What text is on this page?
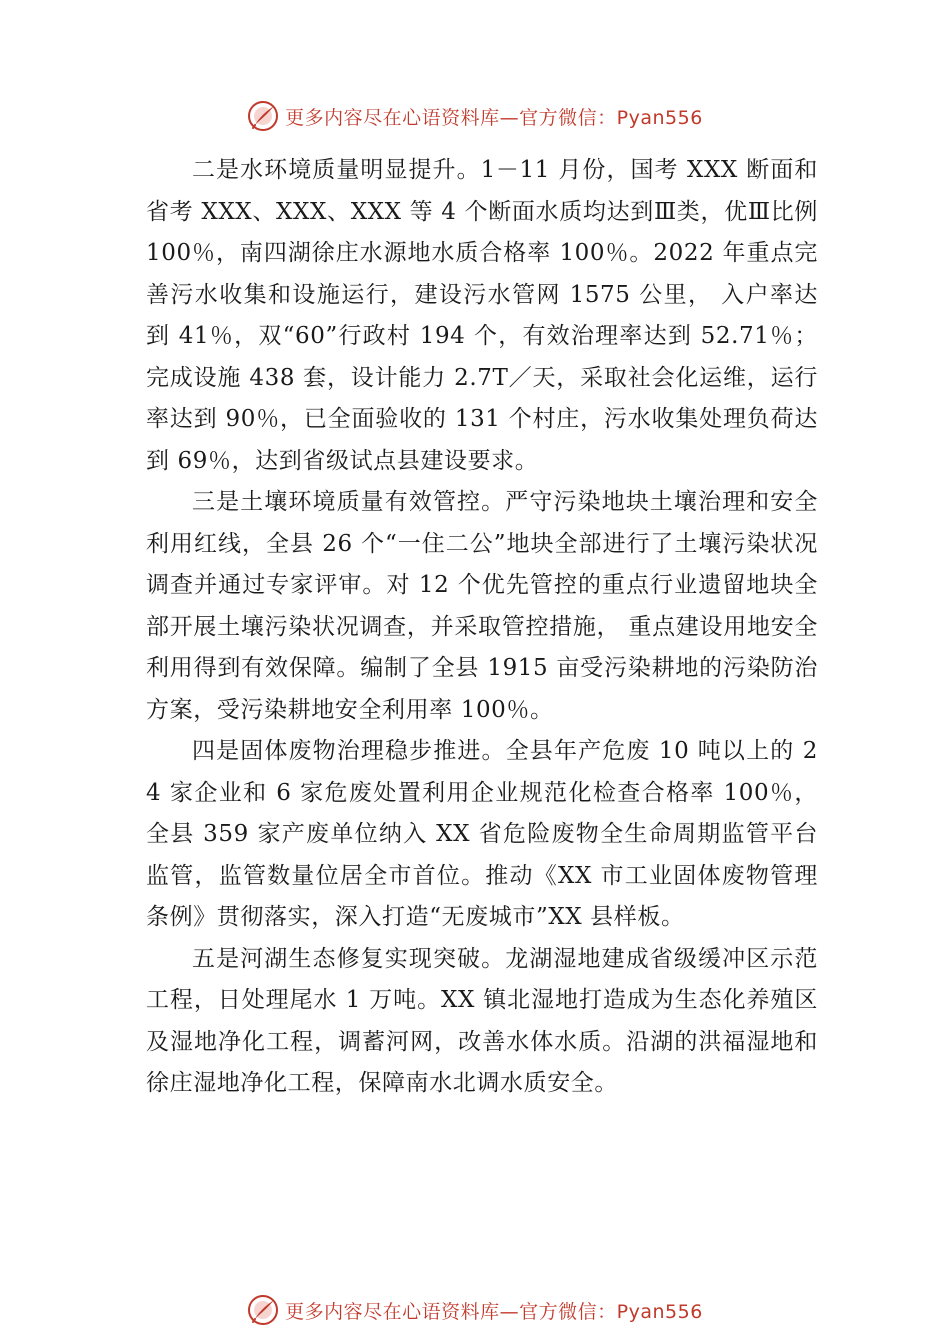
更多内容尽在心语资料库—官方微信：Pyan556

二是水环境质量明显提升。1－11 月份，国考 XXX 断面和省考 XXX、XXX、XXX 等 4 个断面水质均达到Ⅲ类，优Ⅲ比例 100％，南四湖徐庄水源地水质合格率 100％。2022 年重点完善污水收集和设施运行，建设污水管网 1575 公里， 入户率达到 41％，双“60”行政村 194 个，有效治理率达到 52.71％；完成设施 438 套，设计能力 2.7T／天，采取社会化运维，运行率达到 90％，已全面验收的 131 个村庄，污水收集处理负荷达到 69％，达到省级试点县建设要求。

三是土壤环境质量有效管控。严守污染地块土壤治理和安全利用红线，全县 26 个“一住二公”地块全部进行了土壤污染状况调查并通过专家评审。对 12 个优先管控的重点行业遗留地块全部开展土壤污染状况调查，并采取管控措施， 重点建设用地安全利用得到有效保障。编制了全县 1915 亩受污染耕地的污染防治方案，受污染耕地安全利用率 100％。

四是固体废物治理稳步推进。全县年产危废 10 吨以上的 24 家企业和 6 家危废处置利用企业规范化检查合格率 100％，全县 359 家产废单位纳入 XX 省危险废物全生命周期监管平台监管，监管数量位居全市首位。推动《XX 市工业固体废物管理条例》贯彻落实，深入打造“无废城市”XX 县样板。

五是河湖生态修复实现突破。龙湖湿地建成省级缓冲区示范工程，日处理尾水 1 万吨。XX 镇北湿地打造成为生态化养殖区及湿地净化工程，调蓄河网，改善水体水质。沿湖的洪福湿地和徐庄湿地净化工程，保障南水北调水质安全。

更多内容尽在心语资料库—官方微信：Pyan556
